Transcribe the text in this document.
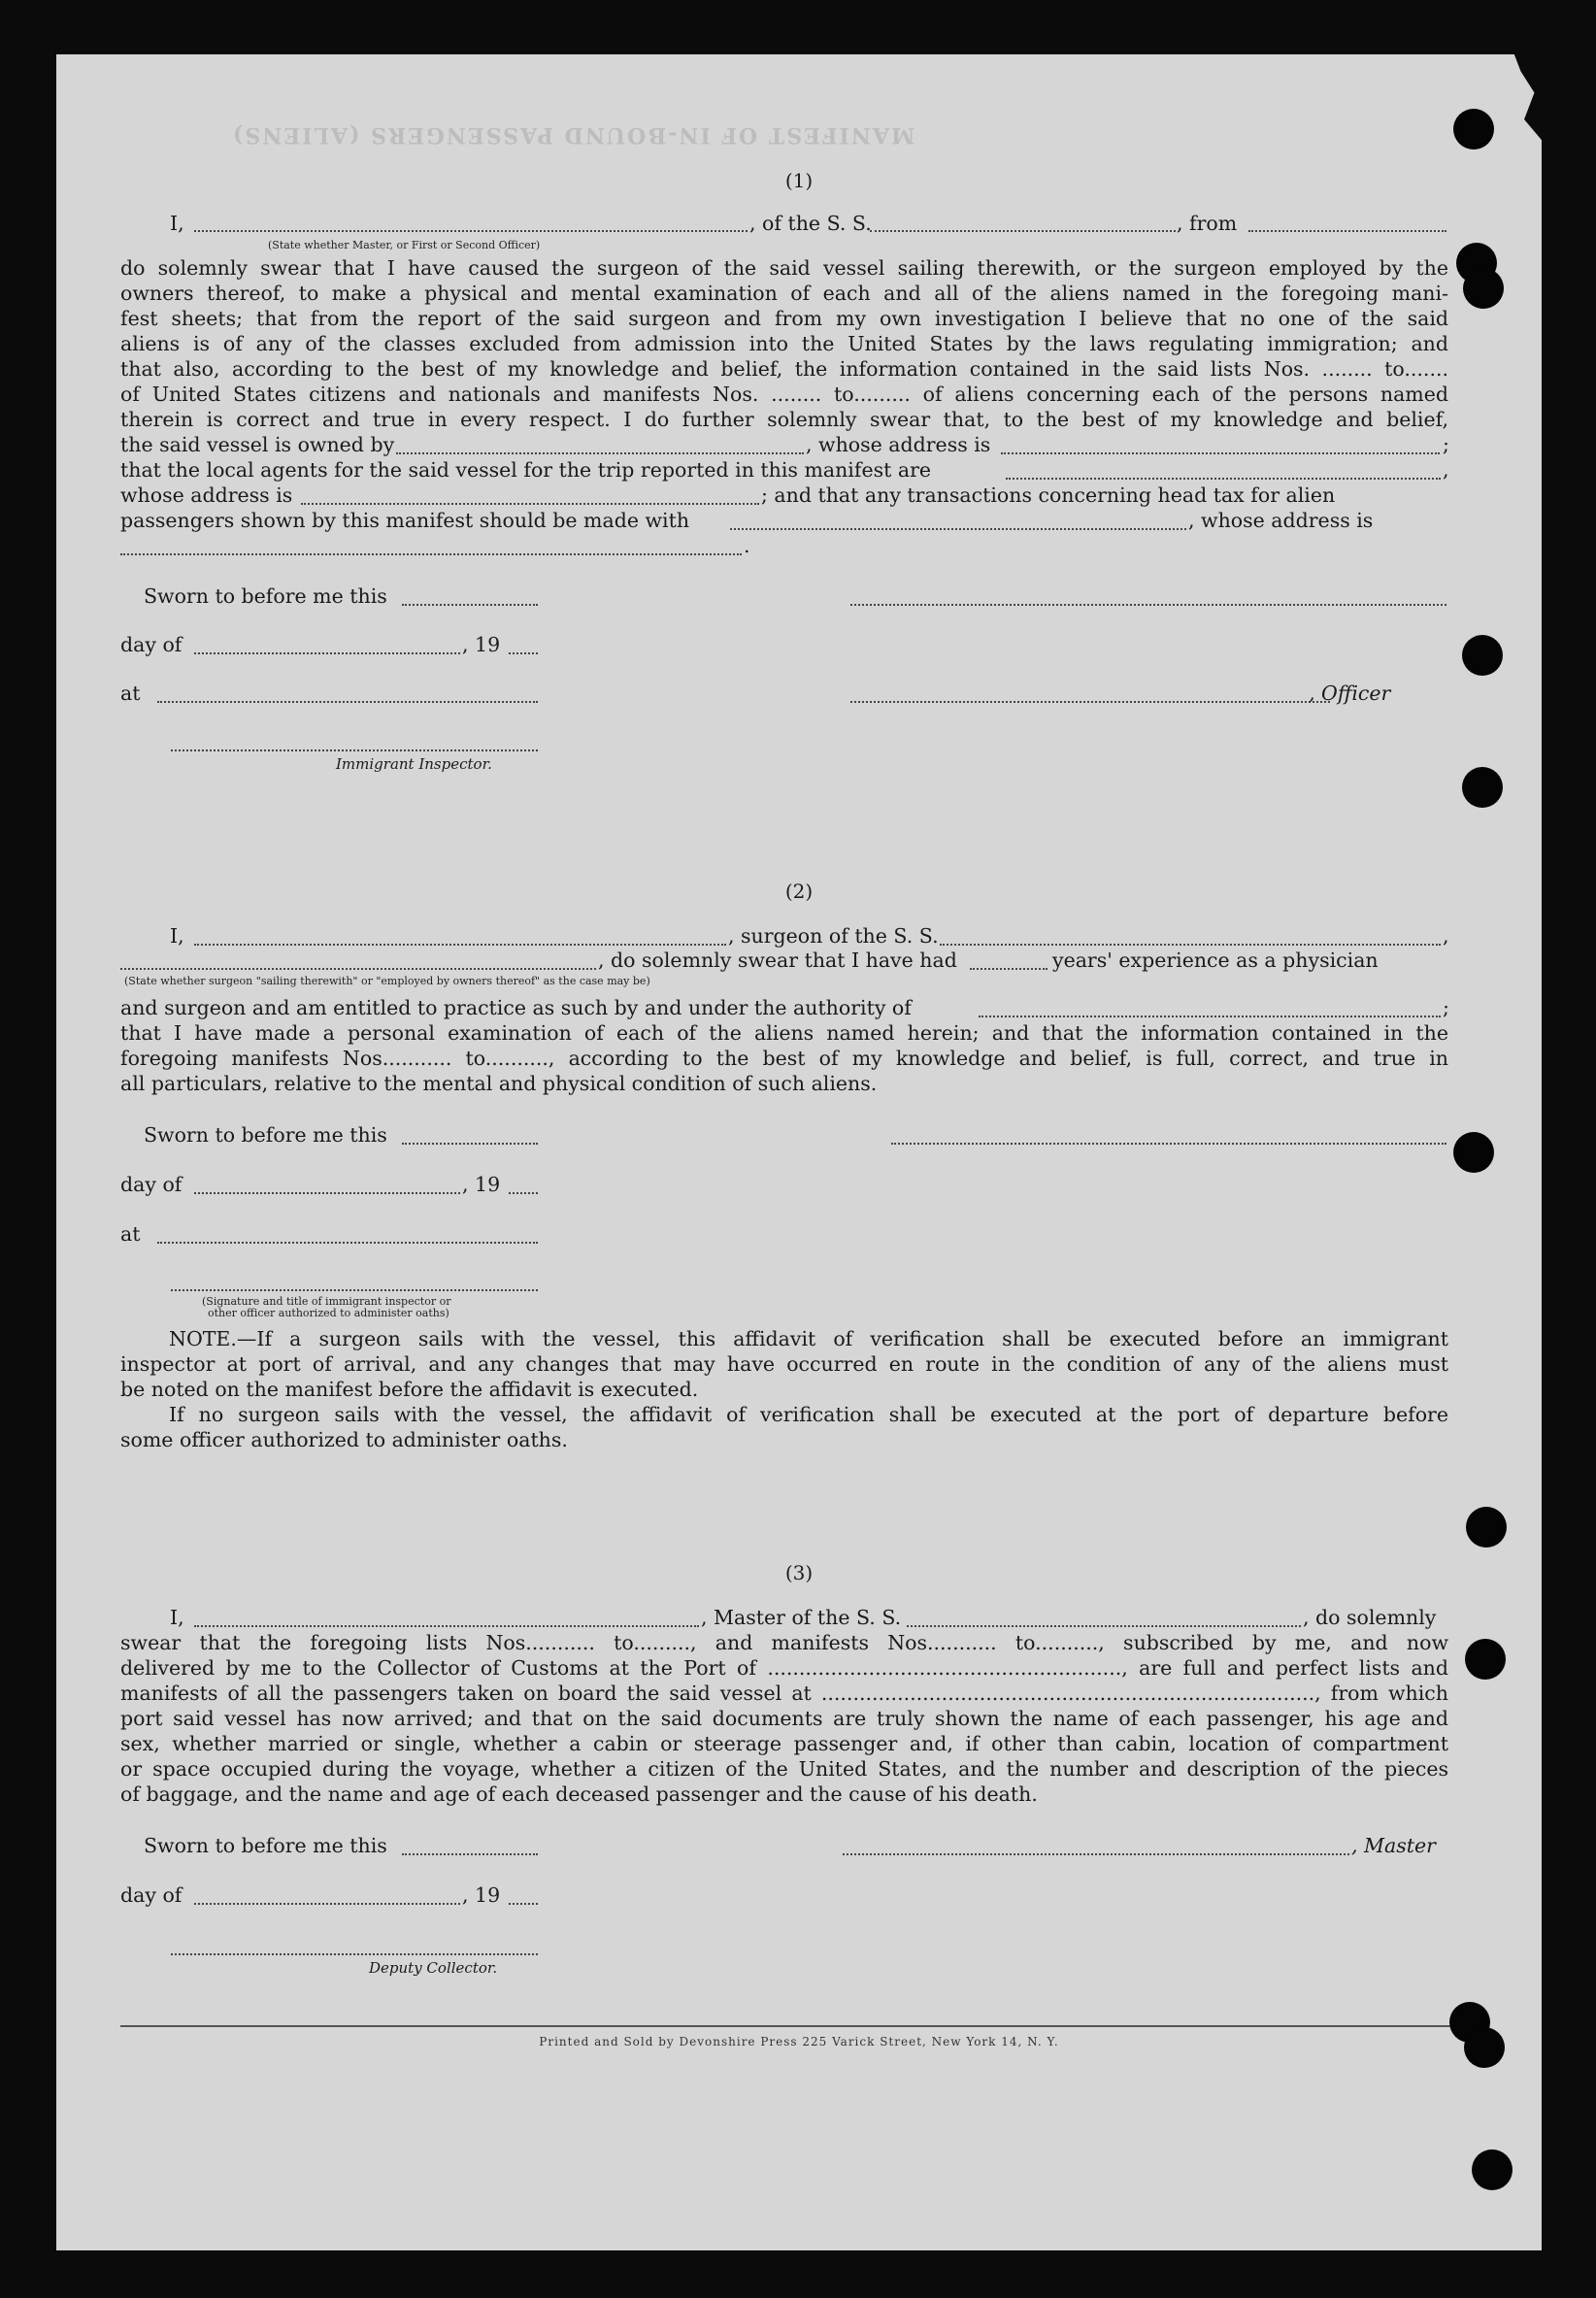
MANIFEST OF IN-BOUND PASSENGERS (ALIENS)
(1)
I,
(State whether Master, or First or Second Officer)
, of the S. S.	, from
do solemnly swear that I have caused the surgeon of the said vessel sailing therewith, or the surgeon employed by the
owners thereof, to make a physical and mental examination of each and all of the aliens named in the foregoing mani-
fest sheets; that from the report of the said surgeon and from my own investigation I believe that no one of the said
aliens is of any of the classes excluded from admission into the United States by the laws regulating immigration; and
that also, according to the best of my knowledge and belief, the information contained in the said lists Nos. ........ to.......
of United States citizens and nationals and manifests Nos. ........ to......... of aliens concerning each of the persons named
therein is correct and true in every respect. I do further solemnly swear that, to the best of my knowledge and belief,
the said vessel is owned by	, whose address is	;
that the local agents for the said vessel for the trip reported in this manifest are	,
whose address is	; and that any transactions concerning head tax for alien
passengers shown by this manifest should be made with	, whose address is
.
Sworn to before me this
day of	, 19
at	, Officer
Immigrant Inspector.
(2)
I,	, surgeon of the S. S.	,
, do solemnly swear that I have had	years' experience as a physician
(State whether surgeon "sailing therewith" or "employed by owners thereof" as the case may be)
and surgeon and am entitled to practice as such by and under the authority of	;
that I have made a personal examination of each of the aliens named herein; and that the information contained in the
foregoing manifests Nos........... to.........., according to the best of my knowledge and belief, is full, correct, and true in
all particulars, relative to the mental and physical condition of such aliens.
Sworn to before me this
day of	, 19
at
(Signature and title of immigrant inspector or
other officer authorized to administer oaths)
NOTE.—If a surgeon sails with the vessel, this affidavit of verification shall be executed before an immigrant
inspector at port of arrival, and any changes that may have occurred en route in the condition of any of the aliens must
be noted on the manifest before the affidavit is executed.
If no surgeon sails with the vessel, the affidavit of verification shall be executed at the port of departure before
some officer authorized to administer oaths.
(3)
I,	, Master of the S. S.	, do solemnly
swear that the foregoing lists Nos........... to........., and manifests Nos........... to.........., subscribed by me, and now
delivered by me to the Collector of Customs at the Port of ........................................................, are full and perfect lists and
manifests of all the passengers taken on board the said vessel at .............................................................................., from which
port said vessel has now arrived; and that on the said documents are truly shown the name of each passenger, his age and
sex, whether married or single, whether a cabin or steerage passenger and, if other than cabin, location of compartment
or space occupied during the voyage, whether a citizen of the United States, and the number and description of the pieces
of baggage, and the name and age of each deceased passenger and the cause of his death.
Sworn to before me this	, Master
day of	, 19
Deputy Collector.
Printed and Sold by Devonshire Press 225 Varick Street, New York 14, N. Y.
